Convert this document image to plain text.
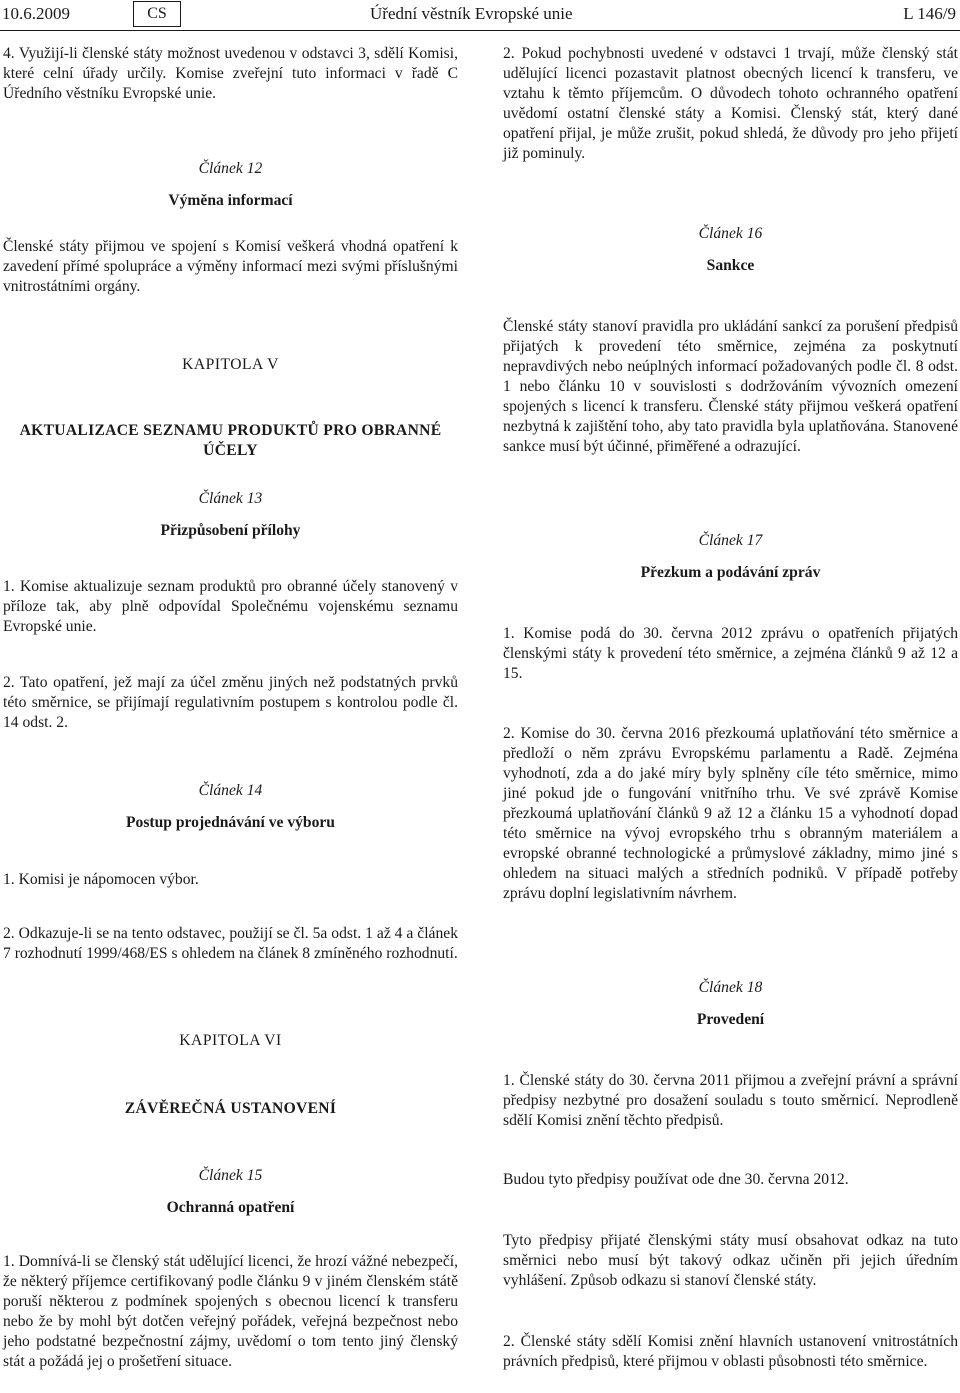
10.6.2009	CS	Úřední věstník Evropské unie	L 146/9

4. Využijí-li členské státy možnost uvedenou v odstavci 3, sdělí Komisi, které celní úřady určily. Komise zveřejní tuto informaci v řadě C Úředního věstníku Evropské unie.

Článek 12

Výměna informací

Členské státy přijmou ve spojení s Komisí veškerá vhodná opatření k zavedení přímé spolupráce a výměny informací mezi svými příslušnými vnitrostátními orgány.

KAPITOLA V

AKTUALIZACE SEZNAMU PRODUKTŮ PRO OBRANNÉ ÚČELY

Článek 13

Přizpůsobení přílohy

1. Komise aktualizuje seznam produktů pro obranné účely stanovený v příloze tak, aby plně odpovídal Společnému vojenskému seznamu Evropské unie.

2. Tato opatření, jež mají za účel změnu jiných než podstatných prvků této směrnice, se přijímají regulativním postupem s kontrolou podle čl. 14 odst. 2.

Článek 14

Postup projednávání ve výboru

1. Komisi je nápomocen výbor.

2. Odkazuje-li se na tento odstavec, použijí se čl. 5a odst. 1 až 4 a článek 7 rozhodnutí 1999/468/ES s ohledem na článek 8 zmíněného rozhodnutí.

KAPITOLA VI

ZÁVĚREČNÁ USTANOVENÍ

Článek 15

Ochranná opatření

1. Domnívá-li se členský stát udělující licenci, že hrozí vážné nebezpečí, že některý příjemce certifikovaný podle článku 9 v jiném členském státě poruší některou z podmínek spojených s obecnou licencí k transferu nebo že by mohl být dotčen veřejný pořádek, veřejná bezpečnost nebo jeho podstatné bezpečnostní zájmy, uvědomí o tom tento jiný členský stát a požádá jej o prošetření situace.

2. Pokud pochybnosti uvedené v odstavci 1 trvají, může členský stát udělující licenci pozastavit platnost obecných licencí k transferu, ve vztahu k těmto příjemcům. O důvodech tohoto ochranného opatření uvědomí ostatní členské státy a Komisi. Členský stát, který dané opatření přijal, je může zrušit, pokud shledá, že důvody pro jeho přijetí již pominuly.

Článek 16

Sankce

Členské státy stanoví pravidla pro ukládání sankcí za porušení předpisů přijatých k provedení této směrnice, zejména za poskytnutí nepravdivých nebo neúplných informací požadovaných podle čl. 8 odst. 1 nebo článku 10 v souvislosti s dodržováním vývozních omezení spojených s licencí k transferu. Členské státy přijmou veškerá opatření nezbytná k zajištění toho, aby tato pravidla byla uplatňována. Stanovené sankce musí být účinné, přiměřené a odrazující.

Článek 17

Přezkum a podávání zpráv

1. Komise podá do 30. června 2012 zprávu o opatřeních přijatých členskými státy k provedení této směrnice, a zejména článků 9 až 12 a 15.

2. Komise do 30. června 2016 přezkoumá uplatňování této směrnice a předloží o něm zprávu Evropskému parlamentu a Radě. Zejména vyhodnotí, zda a do jaké míry byly splněny cíle této směrnice, mimo jiné pokud jde o fungování vnitřního trhu. Ve své zprávě Komise přezkoumá uplatňování článků 9 až 12 a článku 15 a vyhodnotí dopad této směrnice na vývoj evropského trhu s obranným materiálem a evropské obranné technologické a průmyslové základny, mimo jiné s ohledem na situaci malých a středních podniků. V případě potřeby zprávu doplní legislativním návrhem.

Článek 18

Provedení

1. Členské státy do 30. června 2011 přijmou a zveřejní právní a správní předpisy nezbytné pro dosažení souladu s touto směrnicí. Neprodleně sdělí Komisi znění těchto předpisů.

Budou tyto předpisy používat ode dne 30. června 2012.

Tyto předpisy přijaté členskými státy musí obsahovat odkaz na tuto směrnici nebo musí být takový odkaz učiněn při jejich úředním vyhlášení. Způsob odkazu si stanoví členské státy.

2. Členské státy sdělí Komisi znění hlavních ustanovení vnitrostátních právních předpisů, které přijmou v oblasti působnosti této směrnice.
